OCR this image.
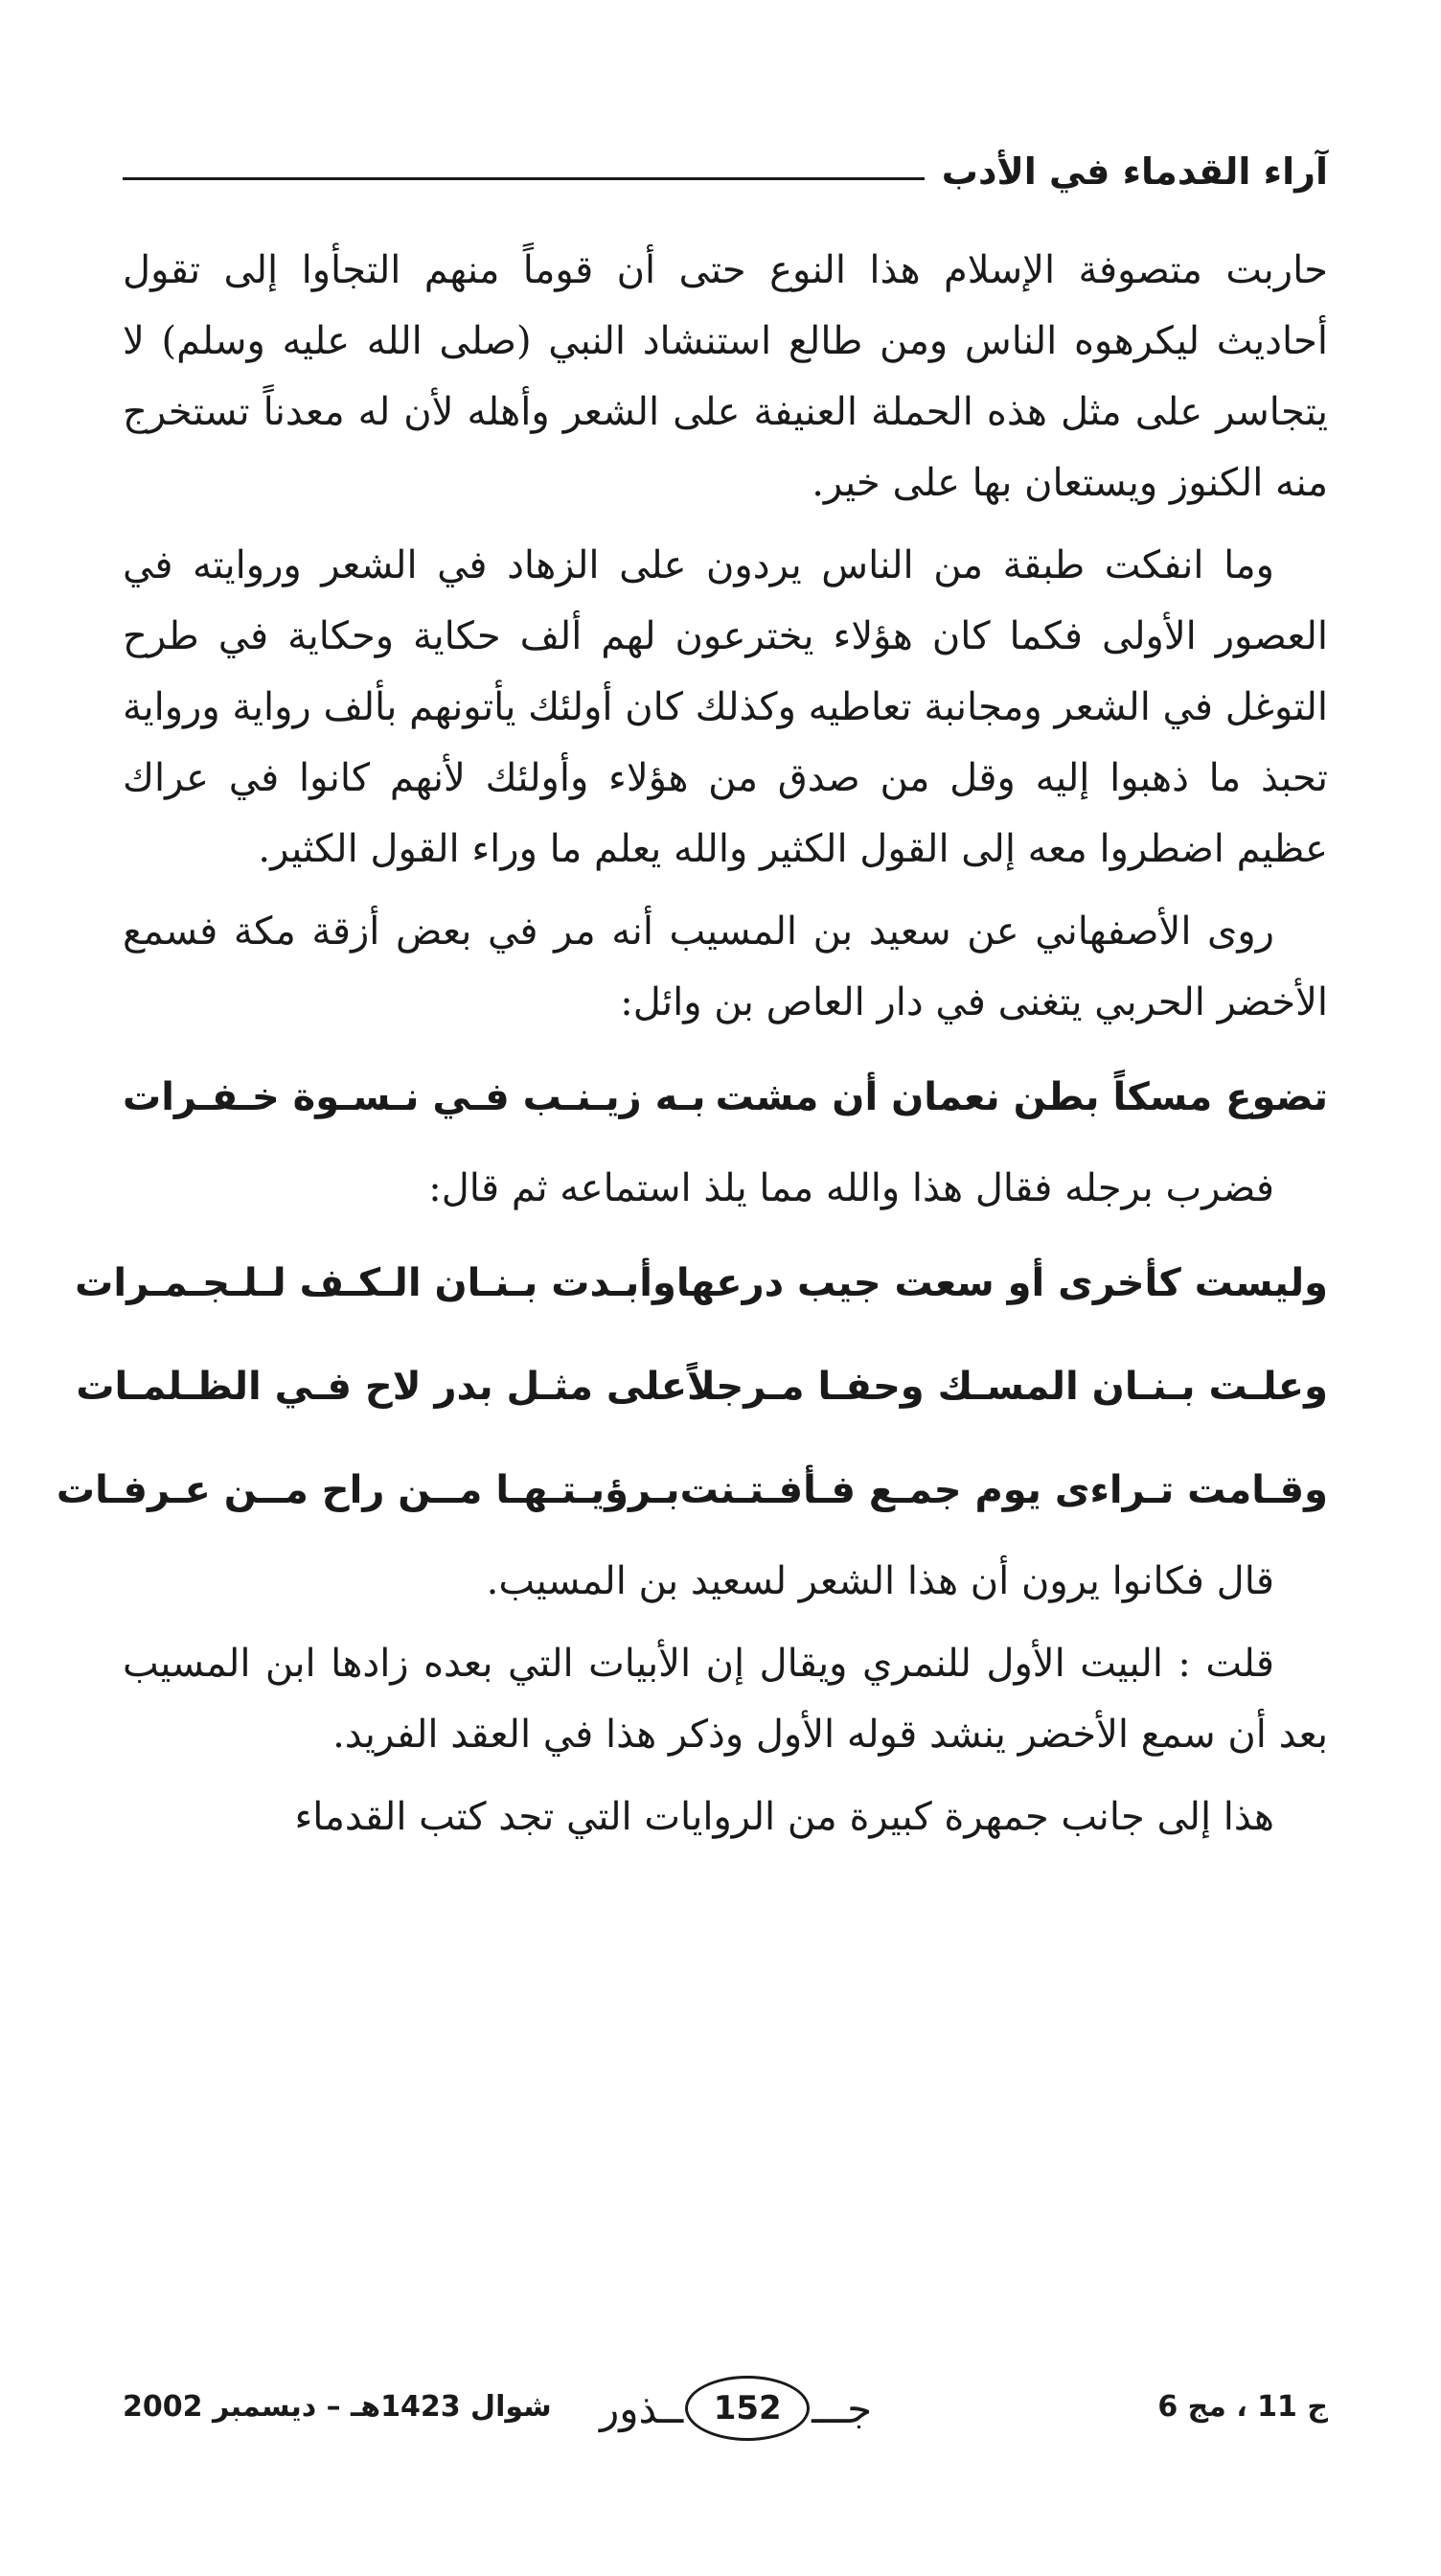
آراء القدماء في الأدب

حاربت متصوفة الإسلام هذا النوع حتى أن قوماً منهم التجأوا إلى تقول أحاديث ليكرهوه الناس ومن طالع استنشاد النبي (صلى الله عليه وسلم) لا يتجاسر على مثل هذه الحملة العنيفة على الشعر وأهله لأن له معدناً تستخرج منه الكنوز ويستعان بها على خير.

وما انفكت طبقة من الناس يردون على الزهاد في الشعر وروايته في العصور الأولى فكما كان هؤلاء يخترعون لهم ألف حكاية وحكاية في طرح التوغل في الشعر ومجانبة تعاطيه وكذلك كان أولئك يأتونهم بألف رواية ورواية تحبذ ما ذهبوا إليه وقل من صدق من هؤلاء وأولئك لأنهم كانوا في عراك عظيم اضطروا معه إلى القول الكثير والله يعلم ما وراء القول الكثير.

روى الأصفهاني عن سعيد بن المسيب أنه مر في بعض أزقة مكة فسمع الأخضر الحربي يتغنى في دار العاص بن وائل:

تضوع مسكاً بطن نعمان أن مشت
بـه زيـنـب فـي نـسـوة خـفـرات

فضرب برجله فقال هذا والله مما يلذ استماعه ثم قال:

وليست كأخرى أو سعت جيب درعها
وأبـدت بـنـان الـكـف لـلـجـمـرات
وعلـت بـنـان المسـك وحفـا مـرجلاً
على مثـل بدر لاح فـي الظـلمـات
وقـامت تـراءى يوم جمـع فـأفـتـنت
بـرؤيـتـهـا مــن راح مــن عـرفـات

قال فكانوا يرون أن هذا الشعر لسعيد بن المسيب.

قلت : البيت الأول للنمري ويقال إن الأبيات التي بعده زادها ابن المسيب بعد أن سمع الأخضر ينشد قوله الأول وذكر هذا في العقد الفريد.

هذا إلى جانب جمهرة كبيرة من الروايات التي تجد كتب القدماء

ج 11 ، مج 6
جـــ
152
ــذور
شوال 1423هـ – ديسمبر 2002
